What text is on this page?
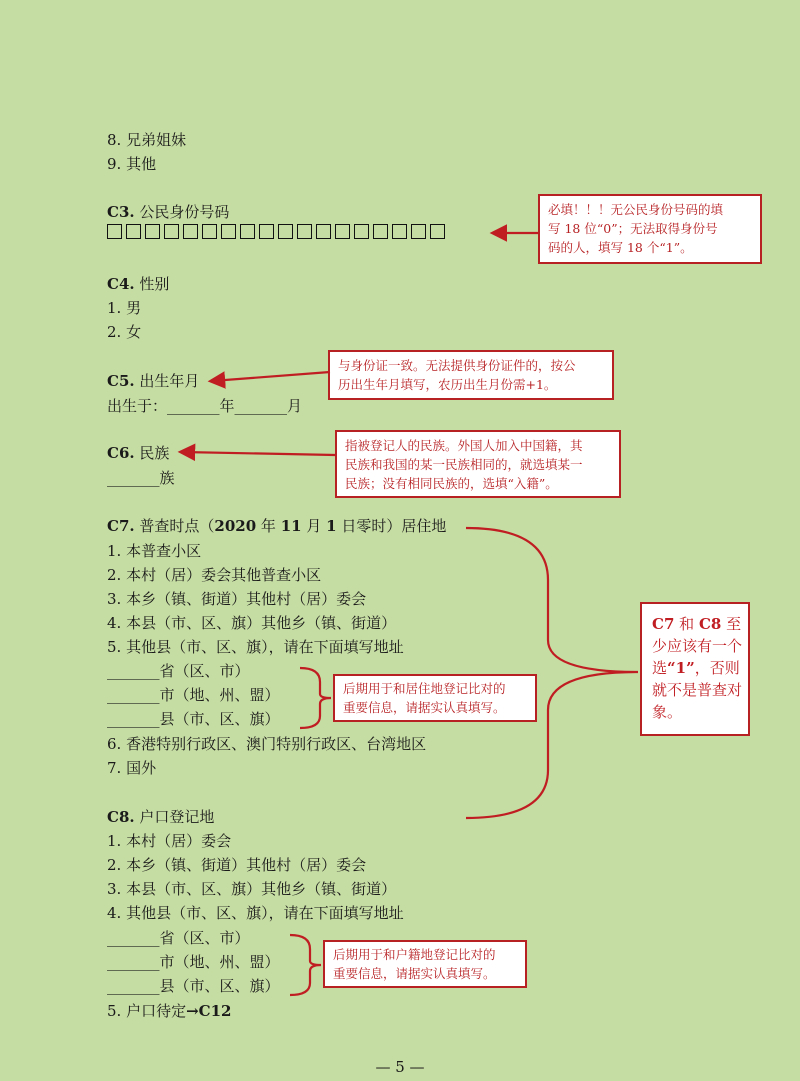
8. 兄弟姐妹
9. 其他
C3. 公民身份号码	必填！！！无公民身份号码的填
写 18 位“0”；无法取得身份号
码的人，填写 18 个“1”。
C4. 性别
1. 男
2. 女
C5. 出生年月
出生于：_______年_______月
与身份证一致。无法提供身份证件的，按公
历出生年月填写，农历出生月份需+1。
C6. 民族
_______族
指被登记人的民族。外国人加入中国籍，其
民族和我国的某一民族相同的，就选填某一
民族；没有相同民族的，选填“入籍”。
C7. 普查时点（2020 年 11 月 1 日零时）居住地
1. 本普查小区
2. 本村（居）委会其他普查小区
3. 本乡（镇、街道）其他村（居）委会
4. 本县（市、区、旗）其他乡（镇、街道）
5. 其他县（市、区、旗），请在下面填写地址
_______省（区、市）
_______市（地、州、盟）
_______县（市、区、旗）
6. 香港特别行政区、澳门特别行政区、台湾地区
7. 国外
后期用于和居住地登记比对的
重要信息，请据实认真填写。
C8. 户口登记地
1. 本村（居）委会
2. 本乡（镇、街道）其他村（居）委会
3. 本县（市、区、旗）其他乡（镇、街道）
4. 其他县（市、区、旗），请在下面填写地址
_______省（区、市）
_______市（地、州、盟）
_______县（市、区、旗）
5. 户口待定→C12
后期用于和户籍地登记比对的
重要信息，请据实认真填写。
C7 和 C8 至少应该有一个选“1”，否则就不是普查对象。
— 5 —
